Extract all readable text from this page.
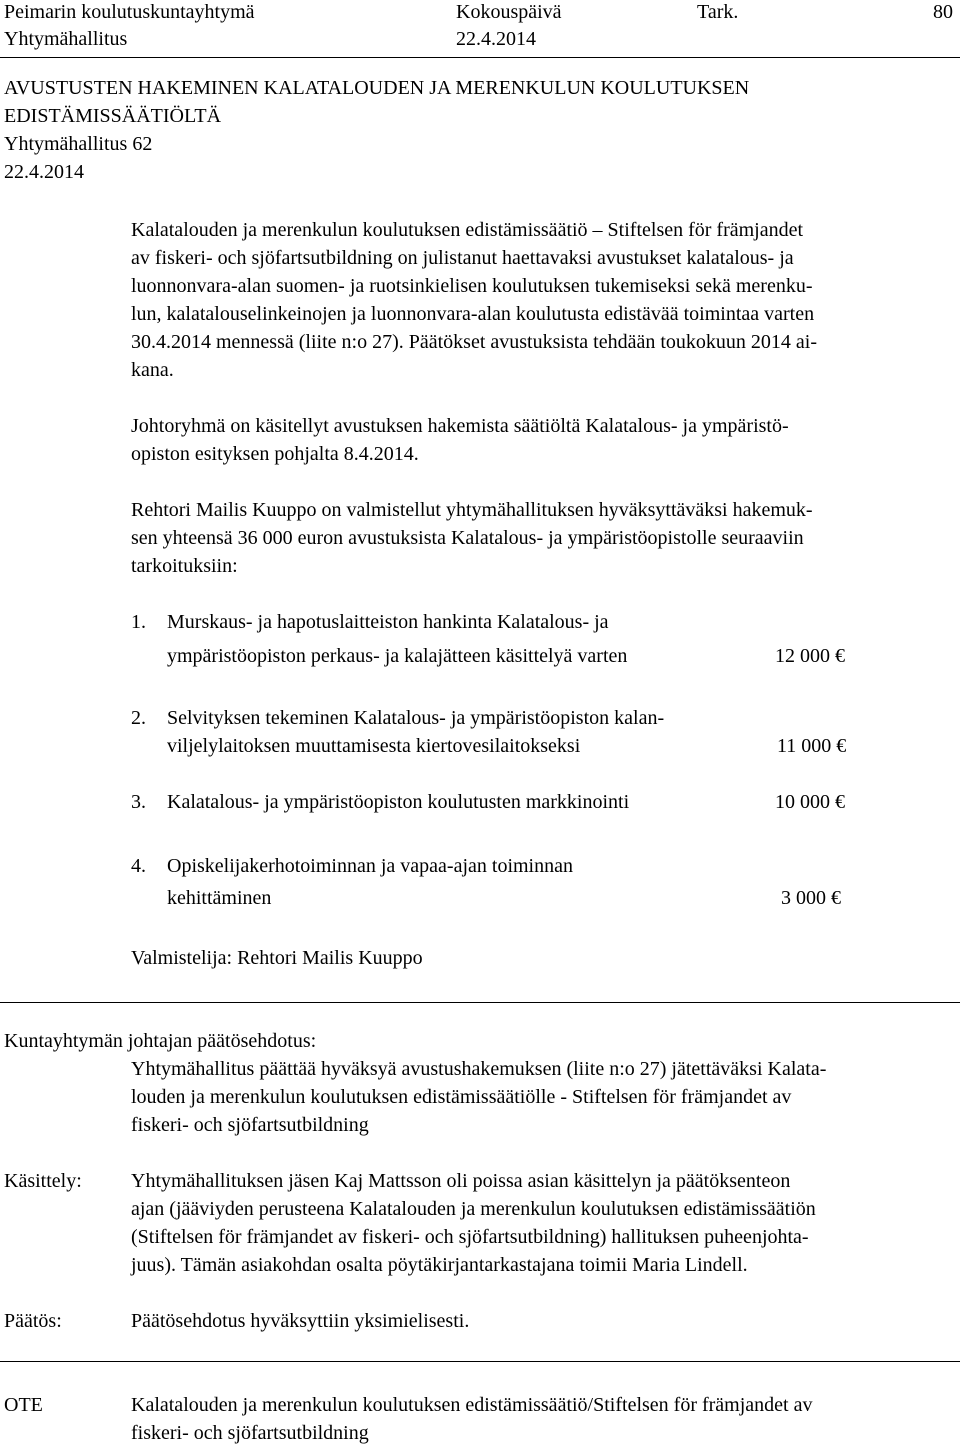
Peimarin koulutuskuntayhtymä	Kokouspäivä	Tark.	80
Yhtymähallitus	22.4.2014
AVUSTUSTEN HAKEMINEN KALATALOUDEN JA MERENKULUN KOULUTUKSEN
EDISTÄMISSÄÄTIÖLTÄ
Yhtymähallitus 62
22.4.2014
Kalatalouden ja merenkulun koulutuksen edistämissäätiö – Stiftelsen för främjandet
av fiskeri- och sjöfartsutbildning on julistanut haettavaksi avustukset kalatalous- ja
luonnonvara-alan suomen- ja ruotsinkielisen koulutuksen tukemiseksi sekä merenku-
lun, kalatalouselinkeinojen ja luonnonvara-alan koulutusta edistävää toimintaa varten
30.4.2014 mennessä (liite n:o 27). Päätökset avustuksista tehdään toukokuun 2014 ai-
kana.
Johtoryhmä on käsitellyt avustuksen hakemista säätiöltä Kalatalous- ja ympäristö-
opiston esityksen pohjalta 8.4.2014.
Rehtori Mailis Kuuppo on valmistellut yhtymähallituksen hyväksyttäväksi hakemuk-
sen yhteensä 36 000 euron avustuksista Kalatalous- ja ympäristöopistolle seuraaviin
tarkoituksiin:
1. Murskaus- ja hapotuslaitteiston hankinta Kalatalous- ja
ympäristöopiston perkaus- ja kalajätteen käsittelyä varten	12 000 €
2. Selvityksen tekeminen Kalatalous- ja ympäristöopiston kalan-
viljelylaitoksen muuttamisesta kiertovesilaitokseksi	11 000 €
3. Kalatalous- ja ympäristöopiston koulutusten markkinointi	10 000 €
4. Opiskelijakerhotoiminnan ja vapaa-ajan toiminnan
kehittäminen	3 000 €
Valmistelija: Rehtori Mailis Kuuppo
Kuntayhtymän johtajan päätösehdotus:
Yhtymähallitus päättää hyväksyä avustushakemuksen (liite n:o 27) jätettäväksi Kalata-
louden ja merenkulun koulutuksen edistämissäätiölle - Stiftelsen för främjandet av
fiskeri- och sjöfartsutbildning
Käsittely: Yhtymähallituksen jäsen Kaj Mattsson oli poissa asian käsittelyn ja päätöksenteon
ajan (jääviyden perusteena Kalatalouden ja merenkulun koulutuksen edistämissäätiön
(Stiftelsen för främjandet av fiskeri- och sjöfartsutbildning) hallituksen puheenjohta-
juus). Tämän asiakohdan osalta pöytäkirjantarkastajana toimii Maria Lindell.
Päätös:	Päätösehdotus hyväksyttiin yksimielisesti.
OTE	Kalatalouden ja merenkulun koulutuksen edistämissäätiö/Stiftelsen för främjandet av
fiskeri- och sjöfartsutbildning
